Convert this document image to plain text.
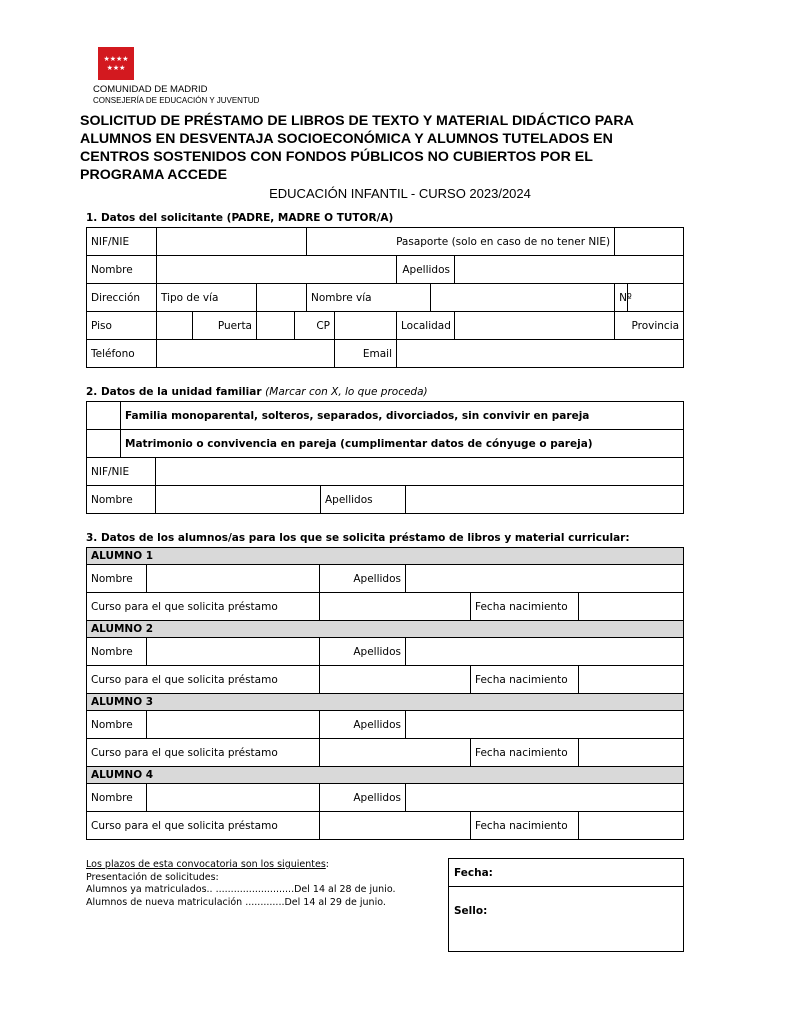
★★★★
★★★
COMUNIDAD DE MADRID
CONSEJERÍA DE EDUCACIÓN Y JUVENTUD
SOLICITUD DE PRÉSTAMO DE LIBROS DE TEXTO Y MATERIAL DIDÁCTICO PARA
ALUMNOS EN DESVENTAJA SOCIOECONÓMICA Y ALUMNOS TUTELADOS EN
CENTROS SOSTENIDOS CON FONDOS PÚBLICOS NO CUBIERTOS POR EL
PROGRAMA ACCEDE
EDUCACIÓN INFANTIL - CURSO 2023/2024
1. Datos del solicitante (PADRE, MADRE O TUTOR/A)
NIF/NIE					Pasaporte (solo en caso de no tener NIE)						
Nombre							Apellidos				
Dirección	Tipo de vía				Nombre vía					Nº	
Piso		Puerta		CP			Localidad			Provincia	
Teléfono						Email					
2. Datos de la unidad familiar (Marcar con X, lo que proceda)
	Familia monoparental, solteros, separados, divorciados, sin convivir en pareja			
	Matrimonio o convivencia en pareja (cumplimentar datos de cónyuge o pareja)			
NIF/NIE				
Nombre			Apellidos	
3. Datos de los alumnos/as para los que se solicita préstamo de libros y material curricular:
ALUMNO 1					
Nombre		Apellidos			
Curso para el que solicita préstamo				Fecha nacimiento	
ALUMNO 2					
Nombre		Apellidos			
Curso para el que solicita préstamo				Fecha nacimiento	
ALUMNO 3					
Nombre		Apellidos			
Curso para el que solicita préstamo				Fecha nacimiento	
ALUMNO 4					
Nombre		Apellidos			
Curso para el que solicita préstamo				Fecha nacimiento	
Los plazos de esta convocatoria son los siguientes:
Presentación de solicitudes:
Alumnos ya matriculados.. ..........................Del 14 al 28 de junio.
Alumnos de nueva matriculación .............Del 14 al 29 de junio.
Fecha:
Sello:
